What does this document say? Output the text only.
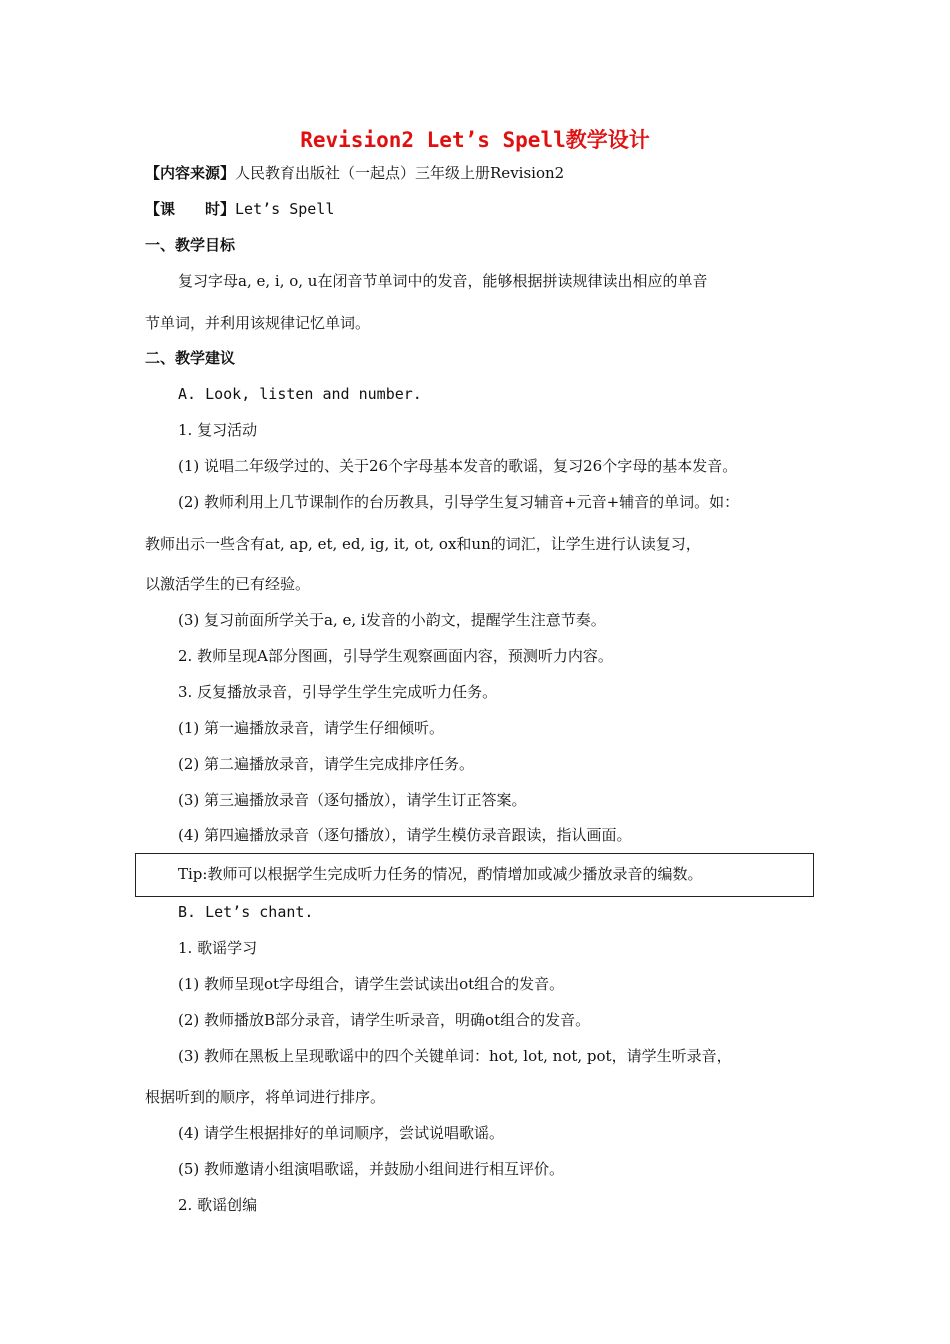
Revision2 Let’s Spell教学设计
【内容来源】人民教育出版社（一起点）三年级上册Revision2
【课　　时】Let’s Spell
一、教学目标
复习字母a, e, i, o, u在闭音节单词中的发音，能够根据拼读规律读出相应的单音
节单词，并利用该规律记忆单词。
二、教学建议
A. Look, listen and number.
1. 复习活动
(1) 说唱二年级学过的、关于26个字母基本发音的歌谣，复习26个字母的基本发音。
(2) 教师利用上几节课制作的台历教具，引导学生复习辅音+元音+辅音的单词。如：
教师出示一些含有at, ap, et, ed, ig, it, ot, ox和un的词汇，让学生进行认读复习，
以激活学生的已有经验。
(3) 复习前面所学关于a, e, i发音的小韵文，提醒学生注意节奏。
2. 教师呈现A部分图画，引导学生观察画面内容，预测听力内容。
3. 反复播放录音，引导学生学生完成听力任务。
(1) 第一遍播放录音，请学生仔细倾听。
(2) 第二遍播放录音，请学生完成排序任务。
(3) 第三遍播放录音（逐句播放），请学生订正答案。
(4) 第四遍播放录音（逐句播放），请学生模仿录音跟读，指认画面。
Tip:教师可以根据学生完成听力任务的情况，酌情增加或减少播放录音的编数。
B. Let’s chant.
1. 歌谣学习
(1) 教师呈现ot字母组合，请学生尝试读出ot组合的发音。
(2) 教师播放B部分录音，请学生听录音，明确ot组合的发音。
(3) 教师在黑板上呈现歌谣中的四个关键单词：hot, lot, not, pot，请学生听录音，
根据听到的顺序，将单词进行排序。
(4) 请学生根据排好的单词顺序，尝试说唱歌谣。
(5) 教师邀请小组演唱歌谣，并鼓励小组间进行相互评价。
2. 歌谣创编
